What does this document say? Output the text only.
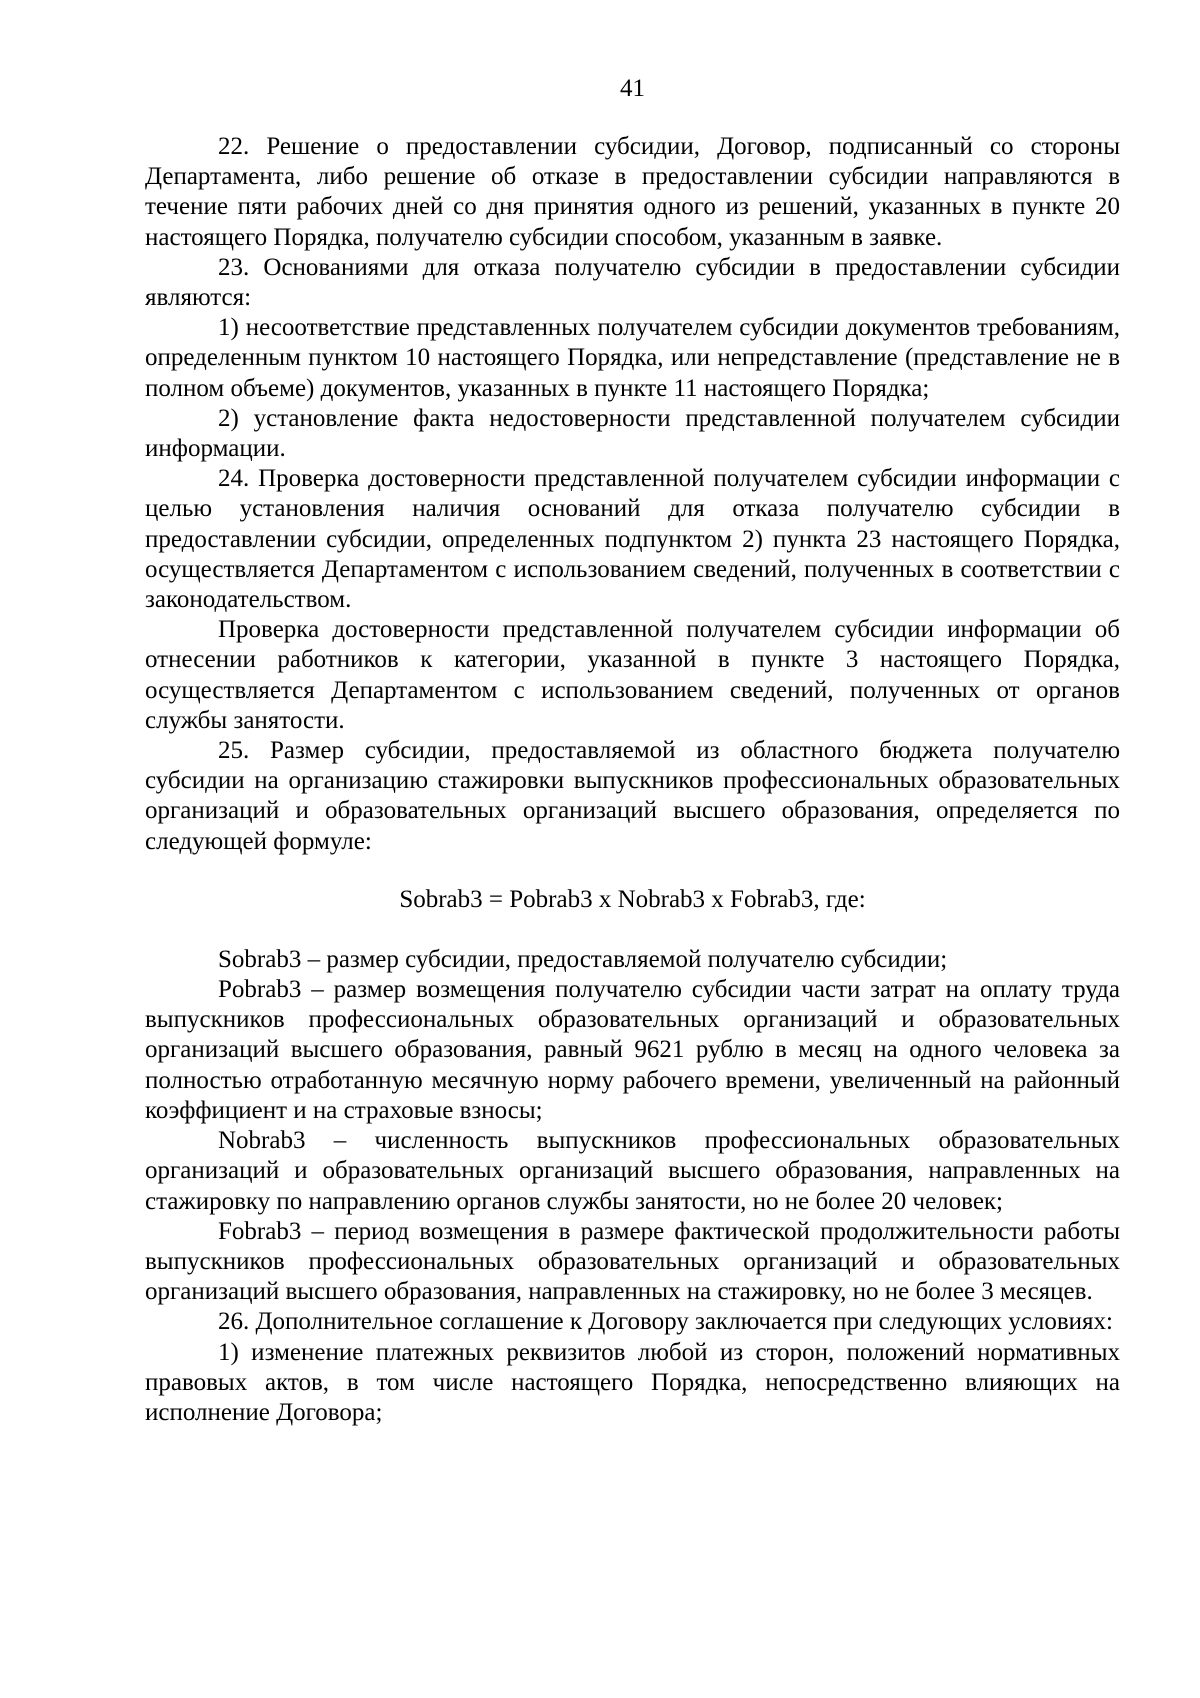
41

22. Решение о предоставлении субсидии, Договор, подписанный со стороны Департамента, либо решение об отказе в предоставлении субсидии направляются в течение пяти рабочих дней со дня принятия одного из решений, указанных в пункте 20 настоящего Порядка, получателю субсидии способом, указанным в заявке.

23. Основаниями для отказа получателю субсидии в предоставлении субсидии являются:

1) несоответствие представленных получателем субсидии документов требованиям, определенным пунктом 10 настоящего Порядка, или непредставление (представление не в полном объеме) документов, указанных в пункте 11 настоящего Порядка;

2) установление факта недостоверности представленной получателем субсидии информации.

24. Проверка достоверности представленной получателем субсидии информации с целью установления наличия оснований для отказа получателю субсидии в предоставлении субсидии, определенных подпунктом 2) пункта 23 настоящего Порядка, осуществляется Департаментом с использованием сведений, полученных в соответствии с законодательством.

Проверка достоверности представленной получателем субсидии информации об отнесении работников к категории, указанной в пункте 3 настоящего Порядка, осуществляется Департаментом с использованием сведений, полученных от органов службы занятости.

25. Размер субсидии, предоставляемой из областного бюджета получателю субсидии на организацию стажировки выпускников профессиональных образовательных организаций и образовательных организаций высшего образования, определяется по следующей формуле:

Sobrab3 = Pobrab3 x Nobrab3 x Fobrab3, где:

Sobrab3 – размер субсидии, предоставляемой получателю субсидии;

Pobrab3 – размер возмещения получателю субсидии части затрат на оплату труда выпускников профессиональных образовательных организаций и образовательных организаций высшего образования, равный 9621 рублю в месяц на одного человека за полностью отработанную месячную норму рабочего времени, увеличенный на районный коэффициент и на страховые взносы;

Nobrab3 – численность выпускников профессиональных образовательных организаций и образовательных организаций высшего образования, направленных на стажировку по направлению органов службы занятости, но не более 20 человек;

Fobrab3 – период возмещения в размере фактической продолжительности работы выпускников профессиональных образовательных организаций и образовательных организаций высшего образования, направленных на стажировку, но не более 3 месяцев.

26. Дополнительное соглашение к Договору заключается при следующих условиях:

1) изменение платежных реквизитов любой из сторон, положений нормативных правовых актов, в том числе настоящего Порядка, непосредственно влияющих на исполнение Договора;
